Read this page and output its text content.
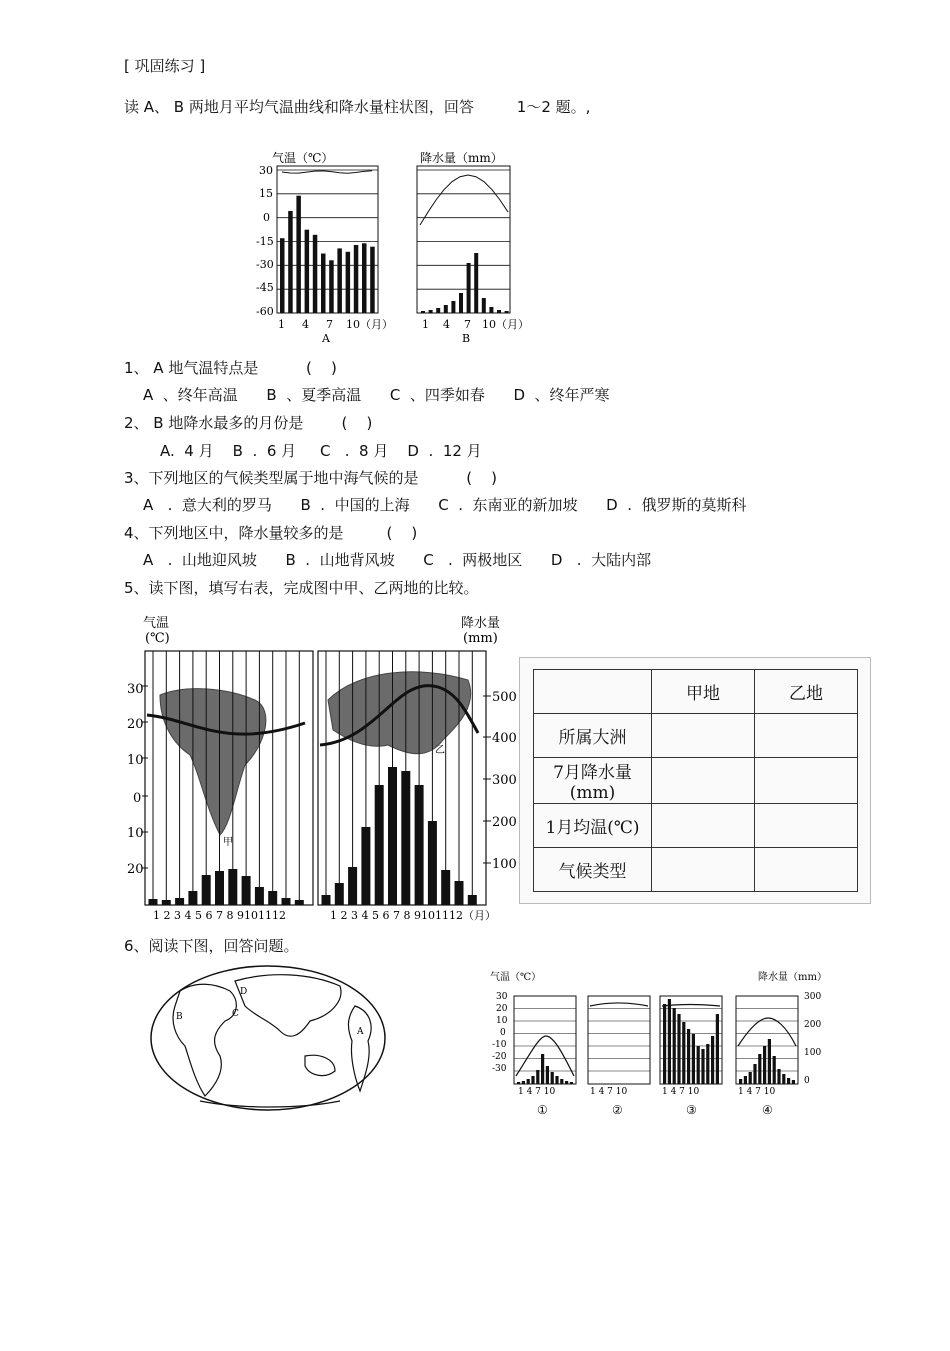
[ 巩固练习 ]
读 A、 B 两地月平均气温曲线和降水量柱状图，回答         1～2 题。,
气温（℃）	降水量（mm）
30
15
0
-15
-30
-45
-60
1 4 7 10（月）	1 4 7 10（月）
A	B
1、 A 地气温特点是          (    )
A  、终年高温      B  、夏季高温      C  、四季如春      D  、终年严寒
2、 B 地降水最多的月份是        (    )
A.  4 月    B  .  6 月     C   .  8 月    D  .  12 月
3、下列地区的气候类型属于地中海气候的是          (    )
A   .  意大利的罗马      B  .  中国的上海      C  .  东南亚的新加坡      D  .  俄罗斯的莫斯科
4、下列地区中，降水量较多的是         (    )
A   .  山地迎风坡      B  .  山地背风坡      C   .  两极地区      D   .  大陆内部
5、读下图，填写右表，完成图中甲、乙两地的比较。
气温
(℃)
降水量
(mm)
30
20
10
0
10
20
500
400
300
200
100
1 2 3 4 5 6 7 8 9101112	1 2 3 4 5 6 7 8 9101112（月）
甲
乙
	甲地	乙地
所属大洲		
7月降水量(mm)		
1月均温(℃)		
气候类型		
6、阅读下图，回答问题。
D
B	C
A
气温（℃）	降水量（mm）
30
20
10
0
-10
-20
-30
300
200
100
0
1 4 7 10	1 4 7 10	1 4 7 10	1 4 7 10
①	②	③	④
